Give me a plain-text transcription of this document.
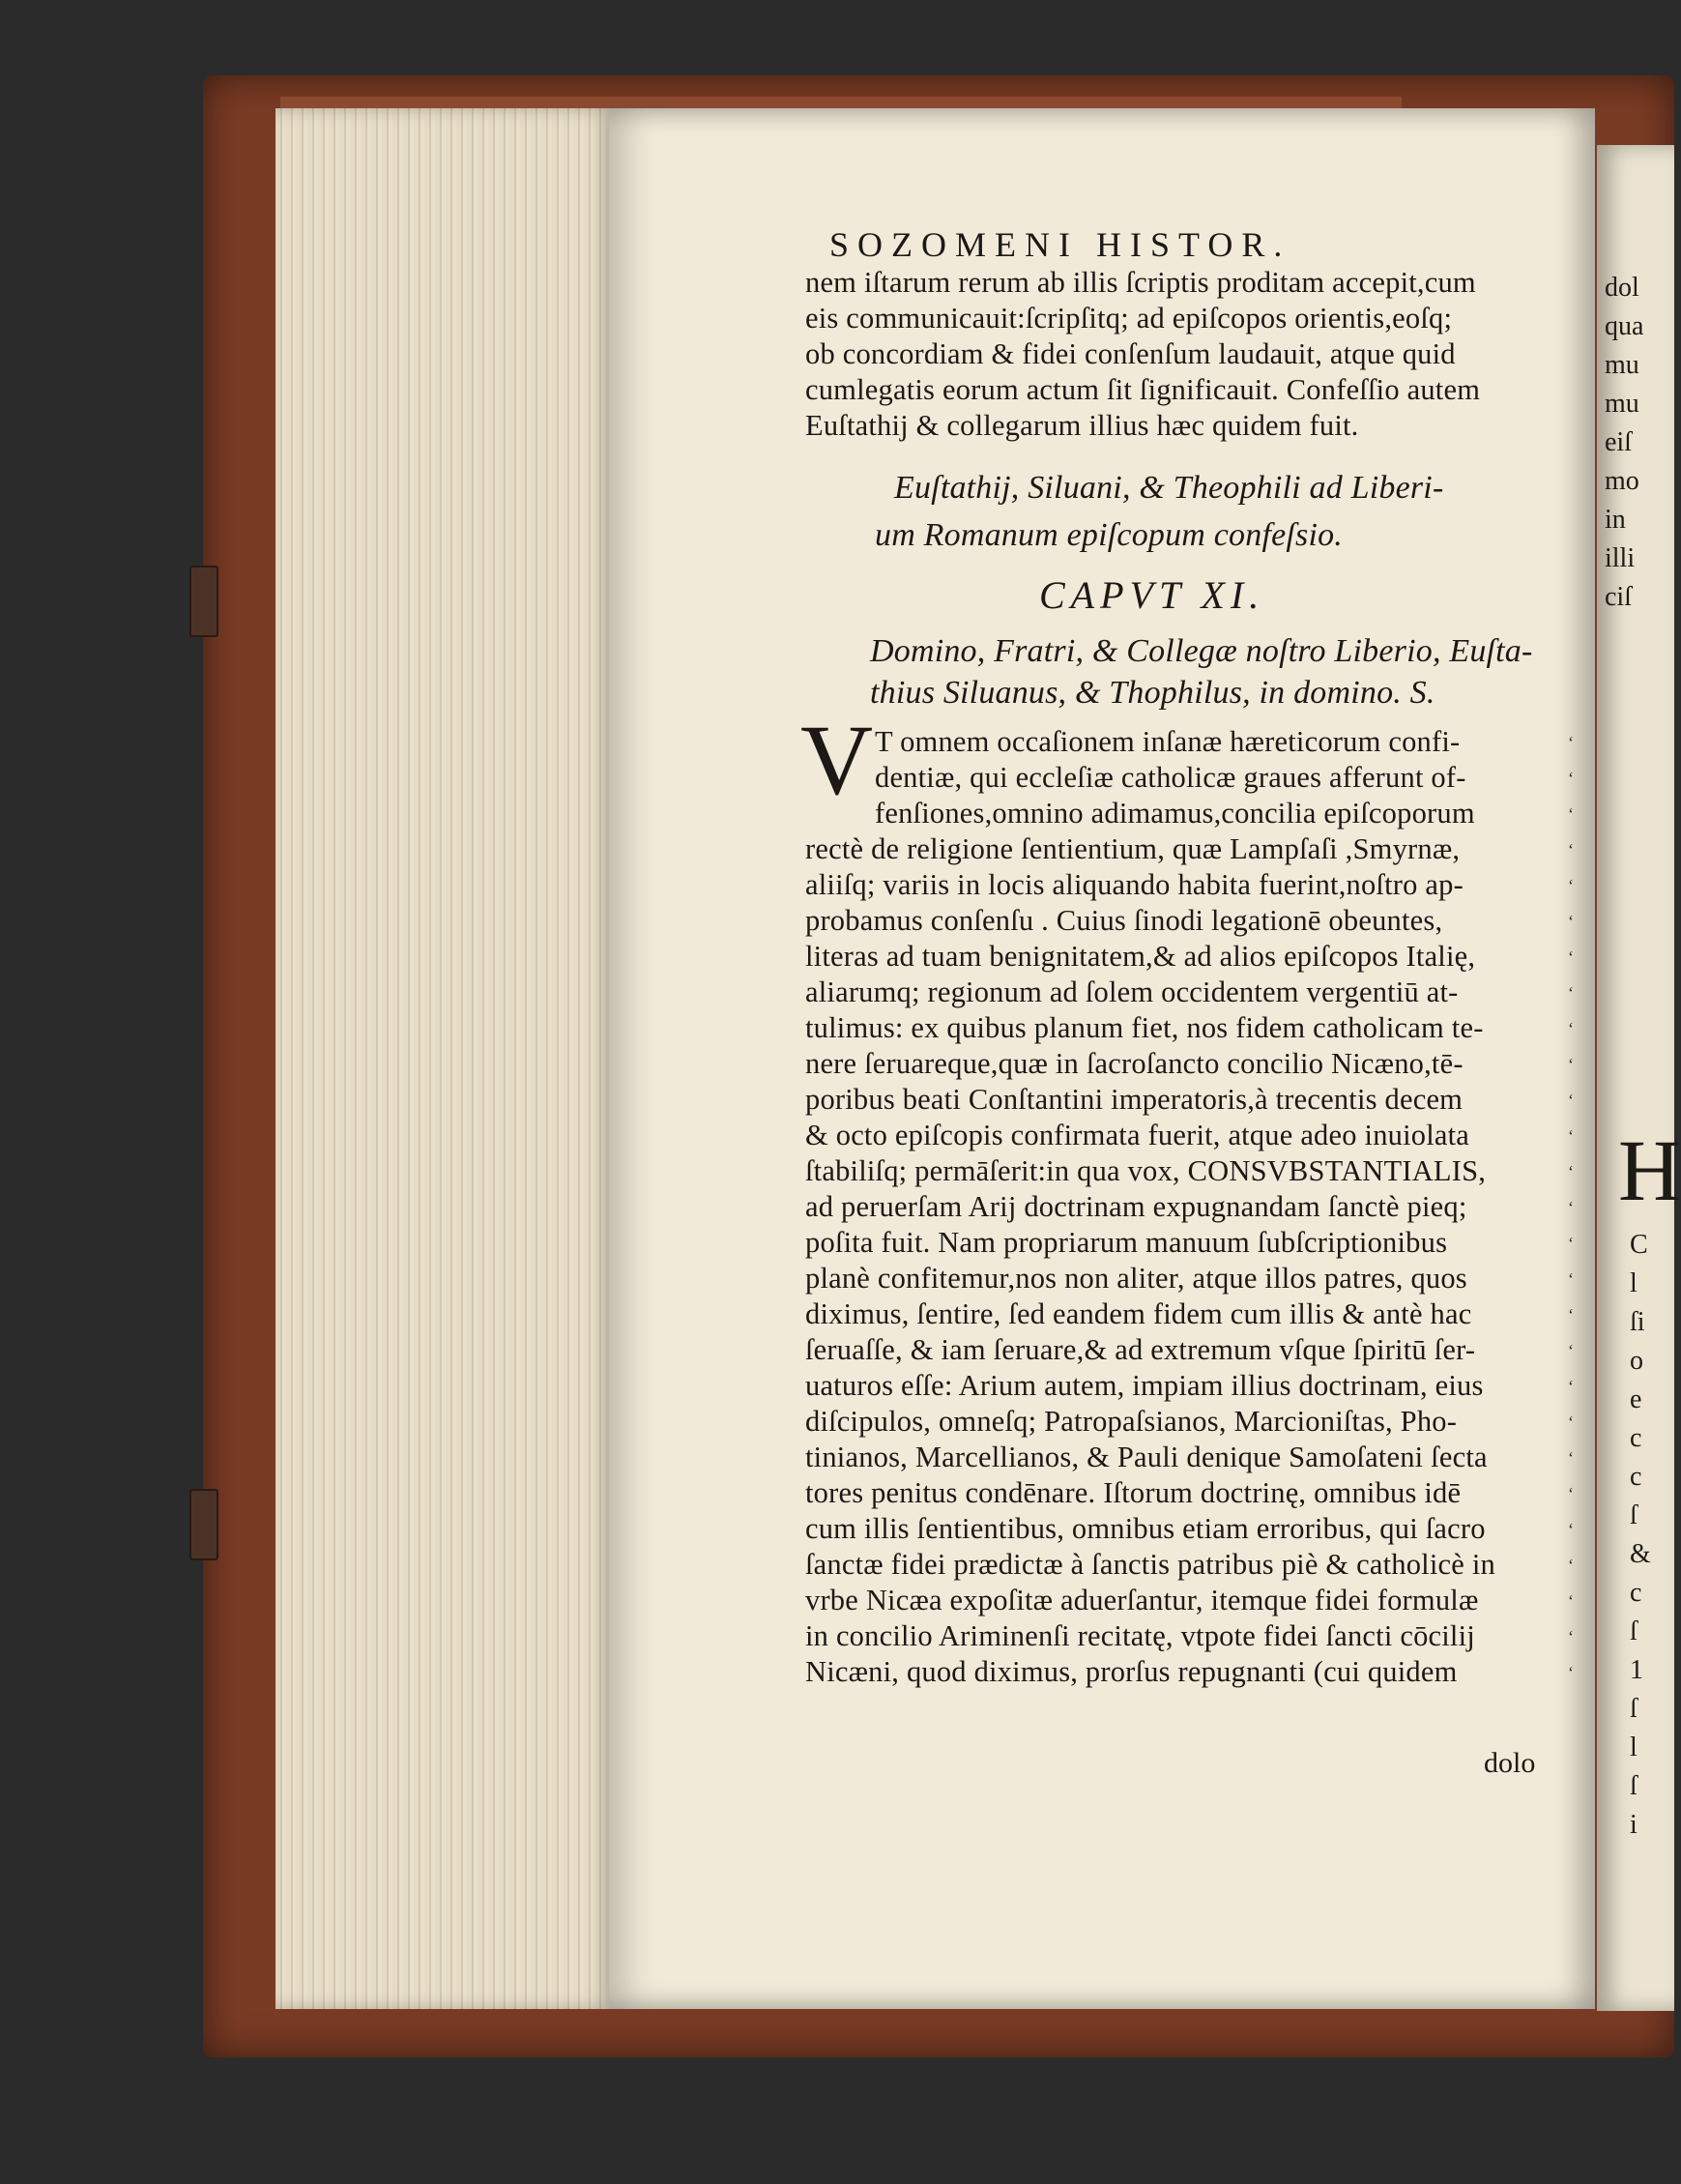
dol
qua
mu
mu
eiſ
mo
in
illi
ciſ
H
C
l
ſi
o
e
c
c
ſ
&
c
ſ
1
ſ
l
ſ
i
SOZOMENI HISTOR.
nem iſtarum rerum ab illis ſcriptis proditam accepit,cum
eis communicauit:ſcripſitq; ad epiſcopos orientis,eoſq;
ob concordiam & fidei conſenſum laudauit, atque quid
cumlegatis eorum actum ſit ſignificauit. Confeſſio autem
Euſtathij & collegarum illius hæc quidem fuit.
Euſtathij, Siluani, & Theophili ad Liberi-
um Romanum epiſcopum confeſsio.
CAPVT XI.
Domino, Fratri, & Collegæ noſtro Liberio, Euſta-
thius Siluanus, & Thophilus, in domino. S.
V T omnem occaſionem inſanæ hæreticorum confi-
dentiæ, qui eccleſiæ catholicæ graues afferunt of-
fenſiones,omnino adimamus,concilia epiſcoporum
rectè de religione ſentientium, quæ Lampſaſi ,Smyrnæ,
aliiſq; variis in locis aliquando habita fuerint,noſtro ap-
probamus conſenſu . Cuius ſinodi legationē obeuntes,
literas ad tuam benignitatem,& ad alios epiſcopos Italię,
aliarumq; regionum ad ſolem occidentem vergentiū at-
tulimus: ex quibus planum fiet, nos fidem catholicam te-
nere ſeruareque,quæ in ſacroſancto concilio Nicæno,tē-
poribus beati Conſtantini imperatoris,à trecentis decem
& octo epiſcopis confirmata fuerit, atque adeo inuiolata
ſtabiliſq; permāſerit:in qua vox, CONSVBSTANTIALIS,
ad peruerſam Arij doctrinam expugnandam ſanctè pieq;
poſita fuit. Nam propriarum manuum ſubſcriptionibus
planè confitemur,nos non aliter, atque illos patres, quos
diximus, ſentire, ſed eandem fidem cum illis & antè hac
ſeruaſſe, & iam ſeruare,& ad extremum vſque ſpiritū ſer-
uaturos eſſe: Arium autem, impiam illius doctrinam, eius
diſcipulos, omneſq; Patropaſsianos, Marcioniſtas, Pho-
tinianos, Marcellianos, & Pauli denique Samoſateni ſecta
tores penitus condēnare. Iſtorum doctrinę, omnibus idē
cum illis ſentientibus, omnibus etiam erroribus, qui ſacro
ſanctæ fidei prædictæ à ſanctis patribus piè & catholicè in
vrbe Nicæa expoſitæ aduerſantur, itemque fidei formulæ
in concilio Ariminenſi recitatę, vtpote fidei ſancti cōcilij
Nicæni, quod diximus, prorſus repugnanti (cui quidem
dolo
‘
‘
‘
‘
‘
‘
‘
‘
‘
‘
‘
‘
‘
‘
‘
‘
‘
‘
‘
‘
‘
‘
‘
‘
‘
‘
‘
